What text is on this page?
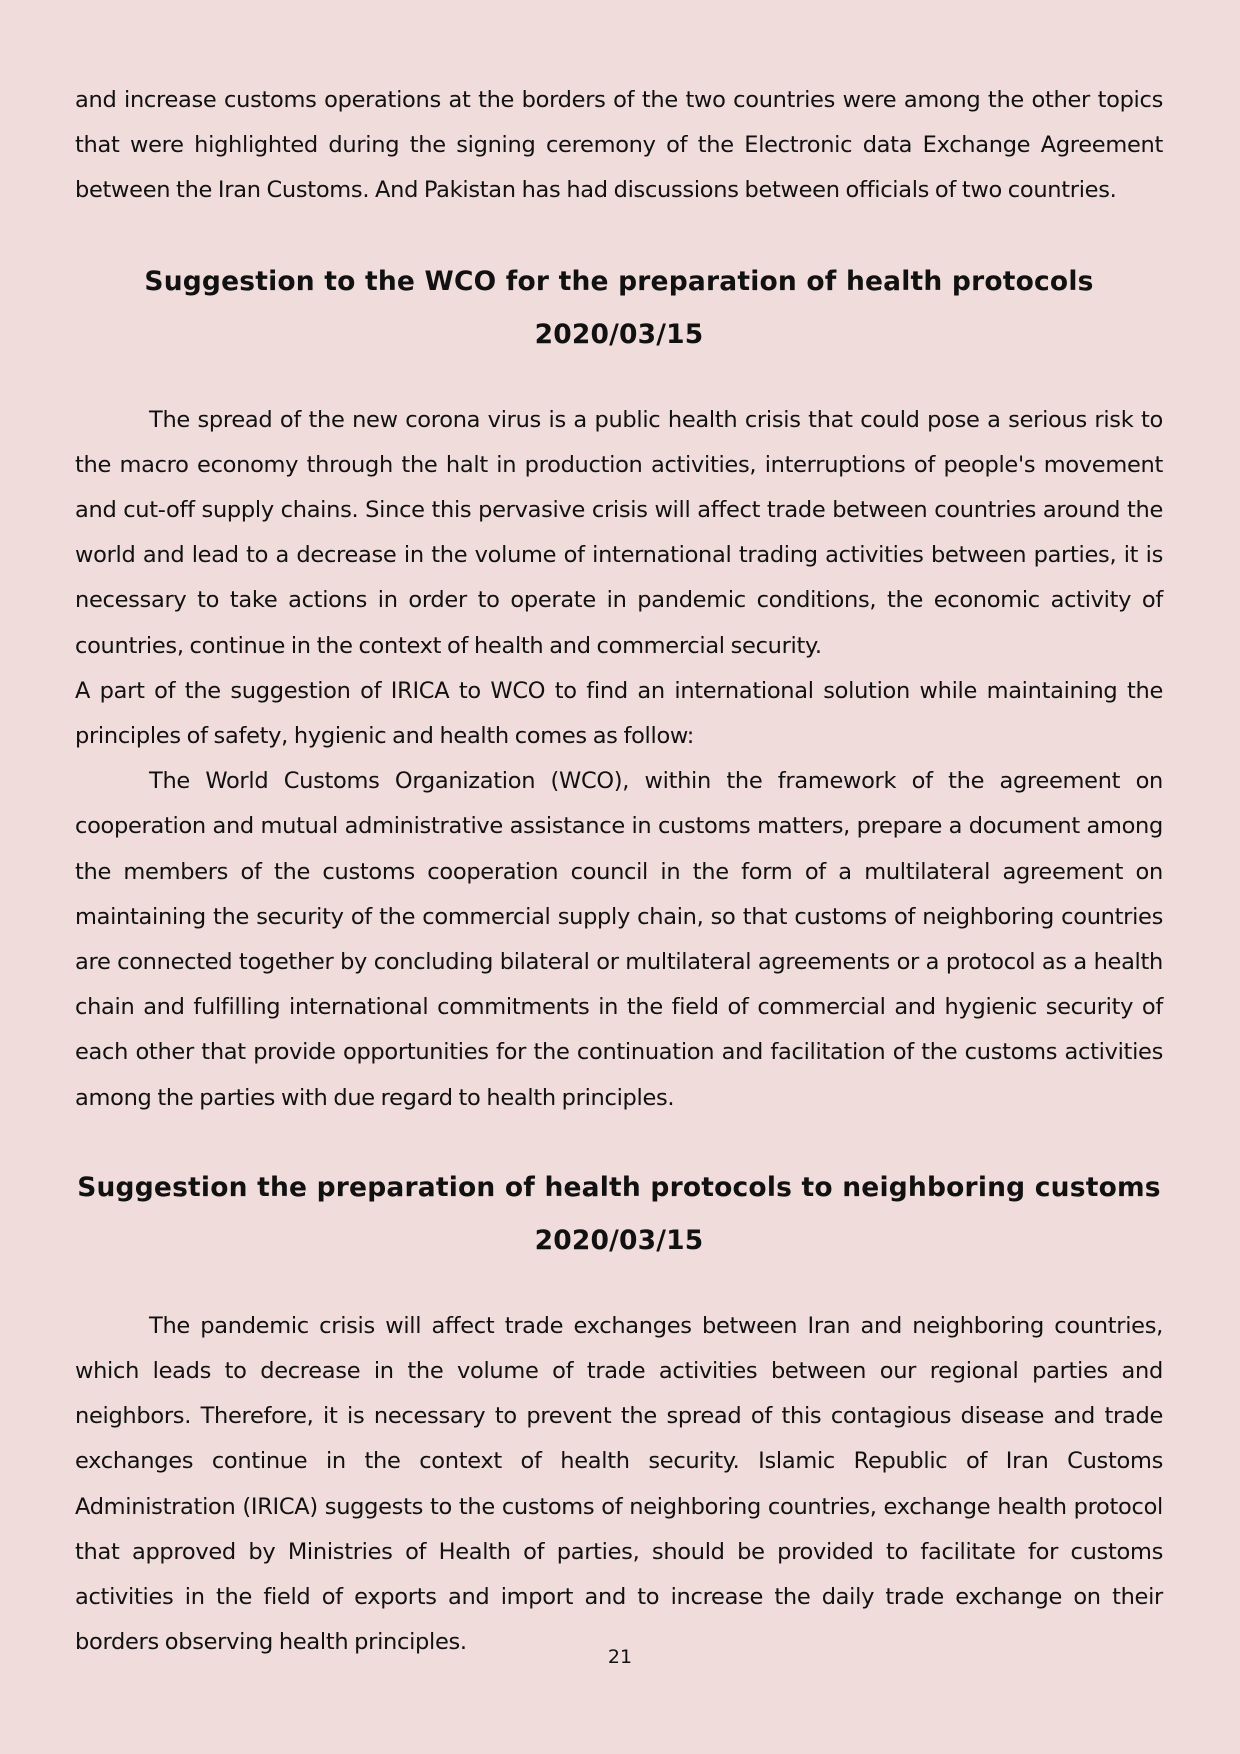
and increase customs operations at the borders of the two countries were among the other topics that were highlighted during the signing ceremony of the Electronic data Exchange Agreement between the Iran Customs. And Pakistan has had discussions between officials of two countries.

Suggestion to the WCO for the preparation of health protocols
2020/03/15

The spread of the new corona virus is a public health crisis that could pose a serious risk to the macro economy through the halt in production activities, interruptions of people's movement and cut-off supply chains. Since this pervasive crisis will affect trade between countries around the world and lead to a decrease in the volume of international trading activities between parties, it is necessary to take actions in order to operate in pandemic conditions, the economic activity of countries, continue in the context of health and commercial security.

A part of the suggestion of IRICA to WCO to find an international solution while maintaining the principles of safety, hygienic and health comes as follow:

The World Customs Organization (WCO), within the framework of the agreement on cooperation and mutual administrative assistance in customs matters, prepare a document among the members of the customs cooperation council in the form of a multilateral agreement on maintaining the security of the commercial supply chain, so that customs of neighboring countries are connected together by concluding bilateral or multilateral agreements or a protocol as a health chain and fulfilling international commitments in the field of commercial and hygienic security of each other that provide opportunities for the continuation and facilitation of the customs activities among the parties with due regard to health principles.

Suggestion the preparation of health protocols to neighboring customs
2020/03/15

The pandemic crisis will affect trade exchanges between Iran and neighboring countries, which leads to decrease in the volume of trade activities between our regional parties and neighbors. Therefore, it is necessary to prevent the spread of this contagious disease and trade exchanges continue in the context of health security. Islamic Republic of Iran Customs Administration (IRICA) suggests to the customs of neighboring countries, exchange health protocol that approved by Ministries of Health of parties, should be provided to facilitate for customs activities in the field of exports and import and to increase the daily trade exchange on their borders observing health principles.

21
